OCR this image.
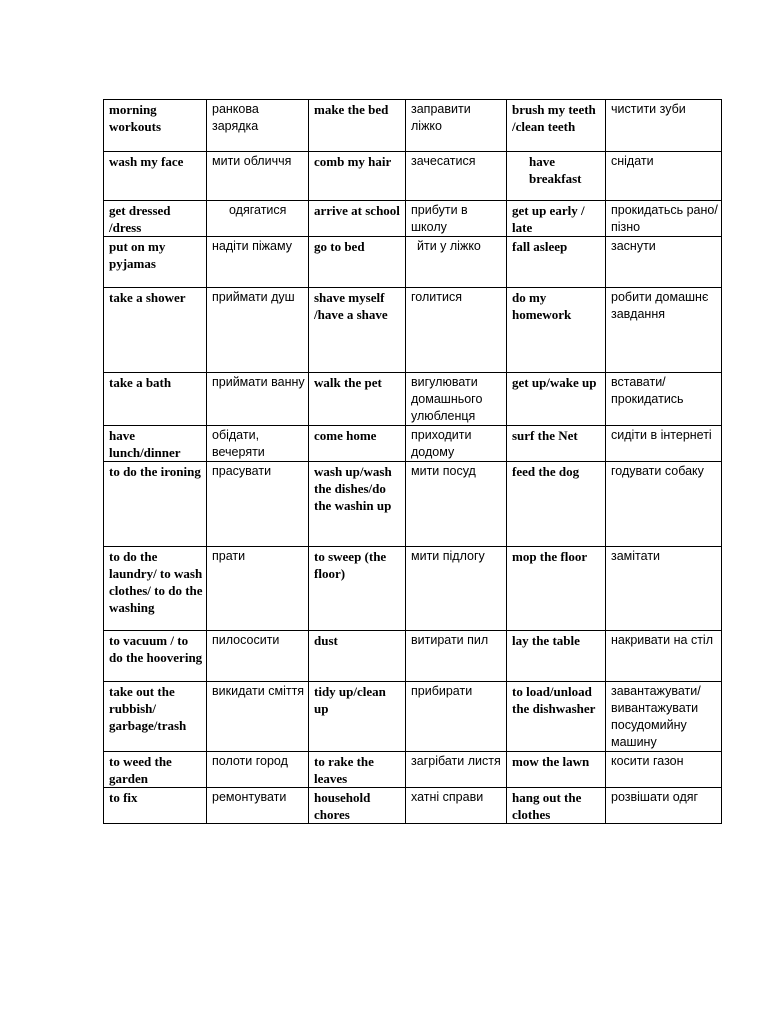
morning workouts	ранкова зарядка	make the bed	заправити ліжко	brush my teeth /clean teeth	чистити зуби
wash my face	мити обличчя	comb my hair	зачесатися	have breakfast	снідати
get dressed /dress	одягатися	arrive at school	прибути в школу	get up early / late	прокидатьсь рано/ пізно
put on my pyjamas	надіти піжаму	go to bed	йти у ліжко	fall asleep	заснути
take a shower	приймати душ	shave myself /have a shave	голитися	do my homework	робити домашнє завдання
take a bath	приймати ванну	walk the pet	вигулювати домашнього улюбленця	get up/wake up	вставати/ прокидатись
have lunch/dinner	обідати, вечеряти	come home	приходити додому	surf the Net	сидіти в інтернеті
to do the ironing	прасувати	wash up/wash the dishes/do the washin up	мити посуд	feed the dog	годувати собаку
to do the laundry/ to wash clothes/ to do the washing	прати	to sweep (the floor)	мити підлогу	mop the floor	замітати
to vacuum / to do the hoovering	пилососити	dust	витирати пил	lay the table	накривати на стіл
take out the rubbish/ garbage/trash	викидати сміття	tidy up/clean up	прибирати	to load/unload the dishwasher	завантажувати/ вивантажувати посудомийну машину
to weed the garden	полоти город	to rake the leaves	загрібати листя	mow the lawn	косити газон
to fix	ремонтувати	household chores	хатні справи	hang out the clothes	розвішати одяг
